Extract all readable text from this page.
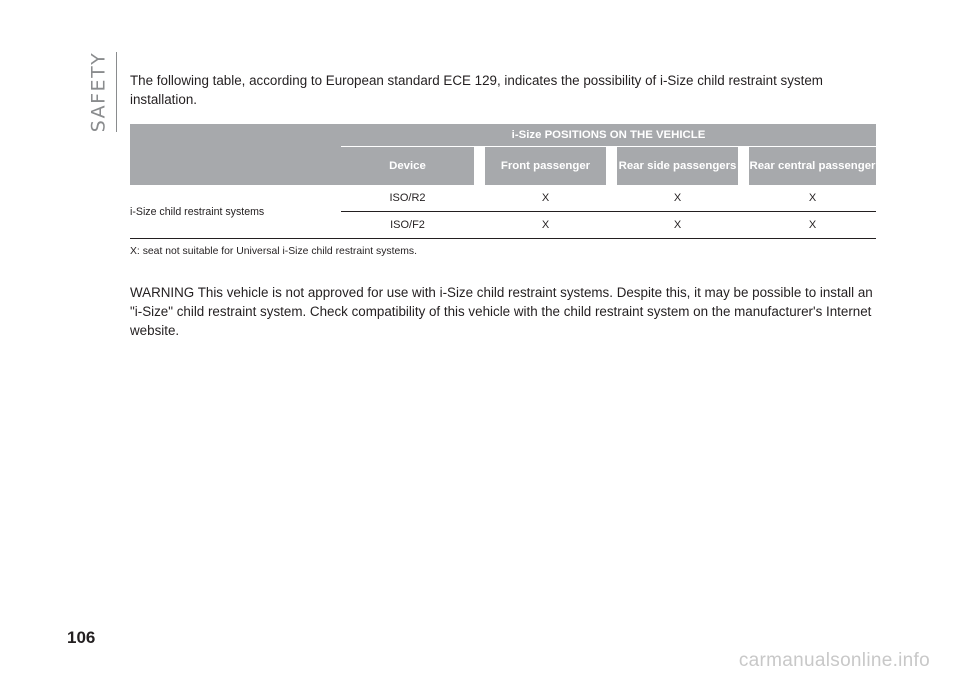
SAFETY The following table, according to European standard ECE 129, indicates the possibility of i-Size child restraint system installation.

	i-Size POSITIONS ON THE VEHICLE						
	Device		Front passenger		Rear side passengers		Rear central passenger
i-Size child restraint systems	ISO/R2		X		X		X
	ISO/F2		X		X		X

X: seat not suitable for Universal i-Size child restraint systems.

WARNING This vehicle is not approved for use with i-Size child restraint systems. Despite this, it may be possible to install an "i-Size" child restraint system. Check compatibility of this vehicle with the child restraint system on the manufacturer's Internet website.

106
carmanualsonline.info
